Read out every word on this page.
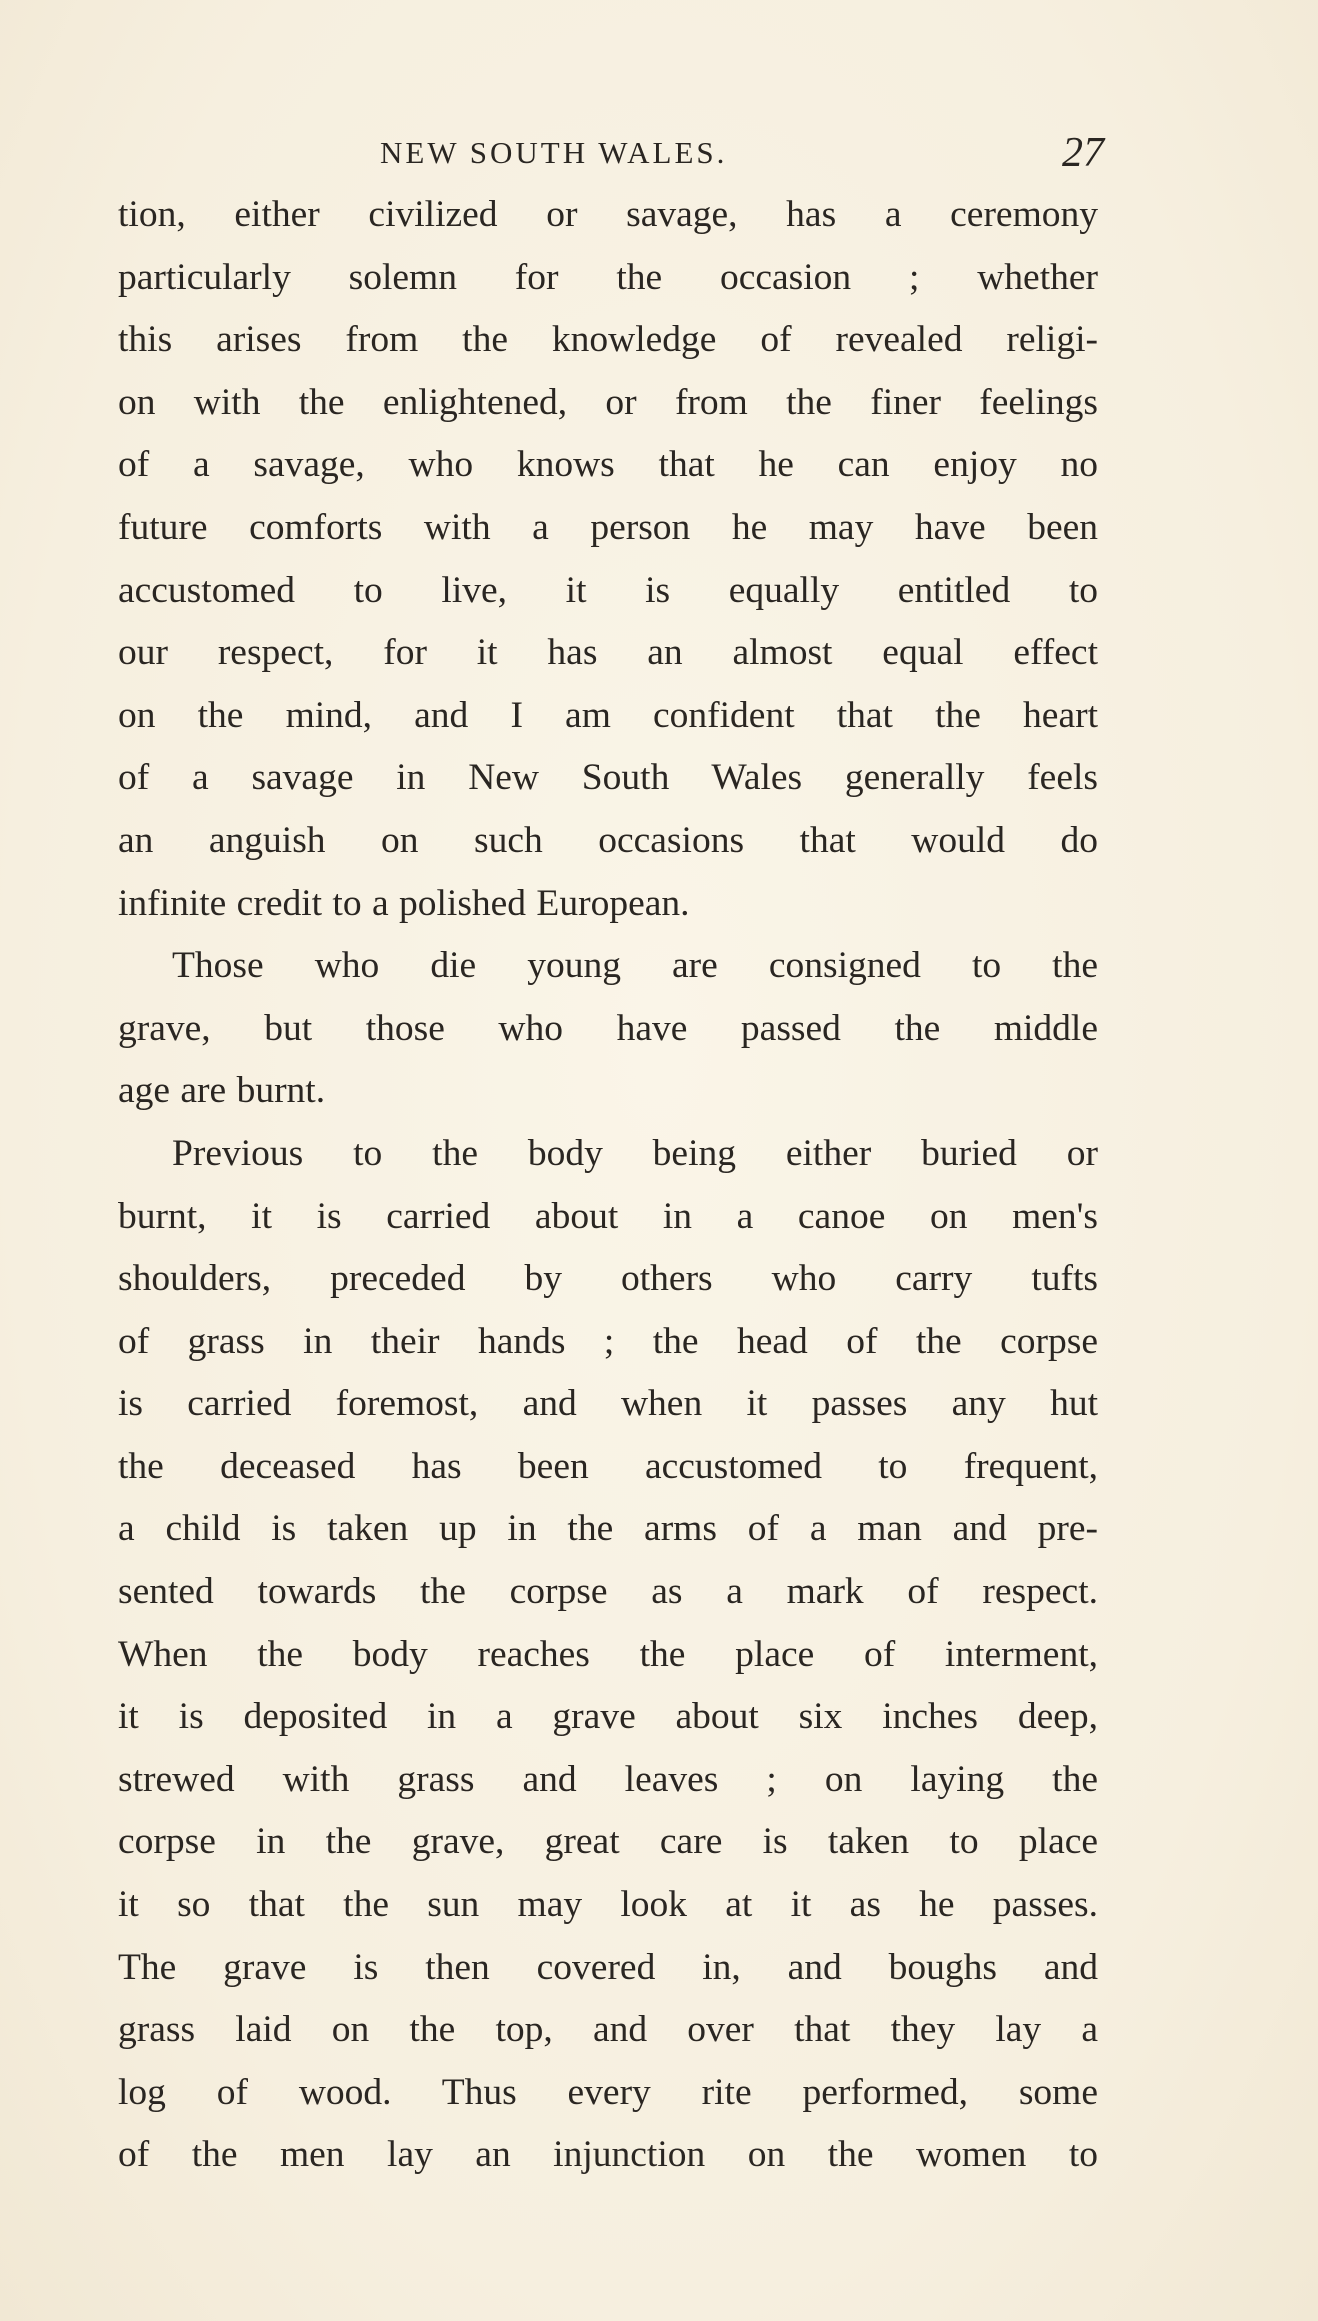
NEW SOUTH WALES.	27
tion, either civilized or savage, has a ceremony
particularly solemn for the occasion ; whether
this arises from the knowledge of revealed religi-
on with the enlightened, or from the finer feelings
of a savage, who knows that he can enjoy no
future comforts with a person he may have been
accustomed to live, it is equally entitled to
our respect, for it has an almost equal effect
on the mind, and I am confident that the heart
of a savage in New South Wales generally feels
an anguish on such occasions that would do
infinite credit to a polished European.
Those who die young are consigned to the
grave, but those who have passed the middle
age are burnt.
Previous to the body being either buried or
burnt, it is carried about in a canoe on men's
shoulders, preceded by others who carry tufts
of grass in their hands ; the head of the corpse
is carried foremost, and when it passes any hut
the deceased has been accustomed to frequent,
a child is taken up in the arms of a man and pre-
sented towards the corpse as a mark of respect.
When the body reaches the place of interment,
it is deposited in a grave about six inches deep,
strewed with grass and leaves ; on laying the
corpse in the grave, great care is taken to place
it so that the sun may look at it as he passes.
The grave is then covered in, and boughs and
grass laid on the top, and over that they lay a
log of wood. Thus every rite performed, some
of the men lay an injunction on the women to
